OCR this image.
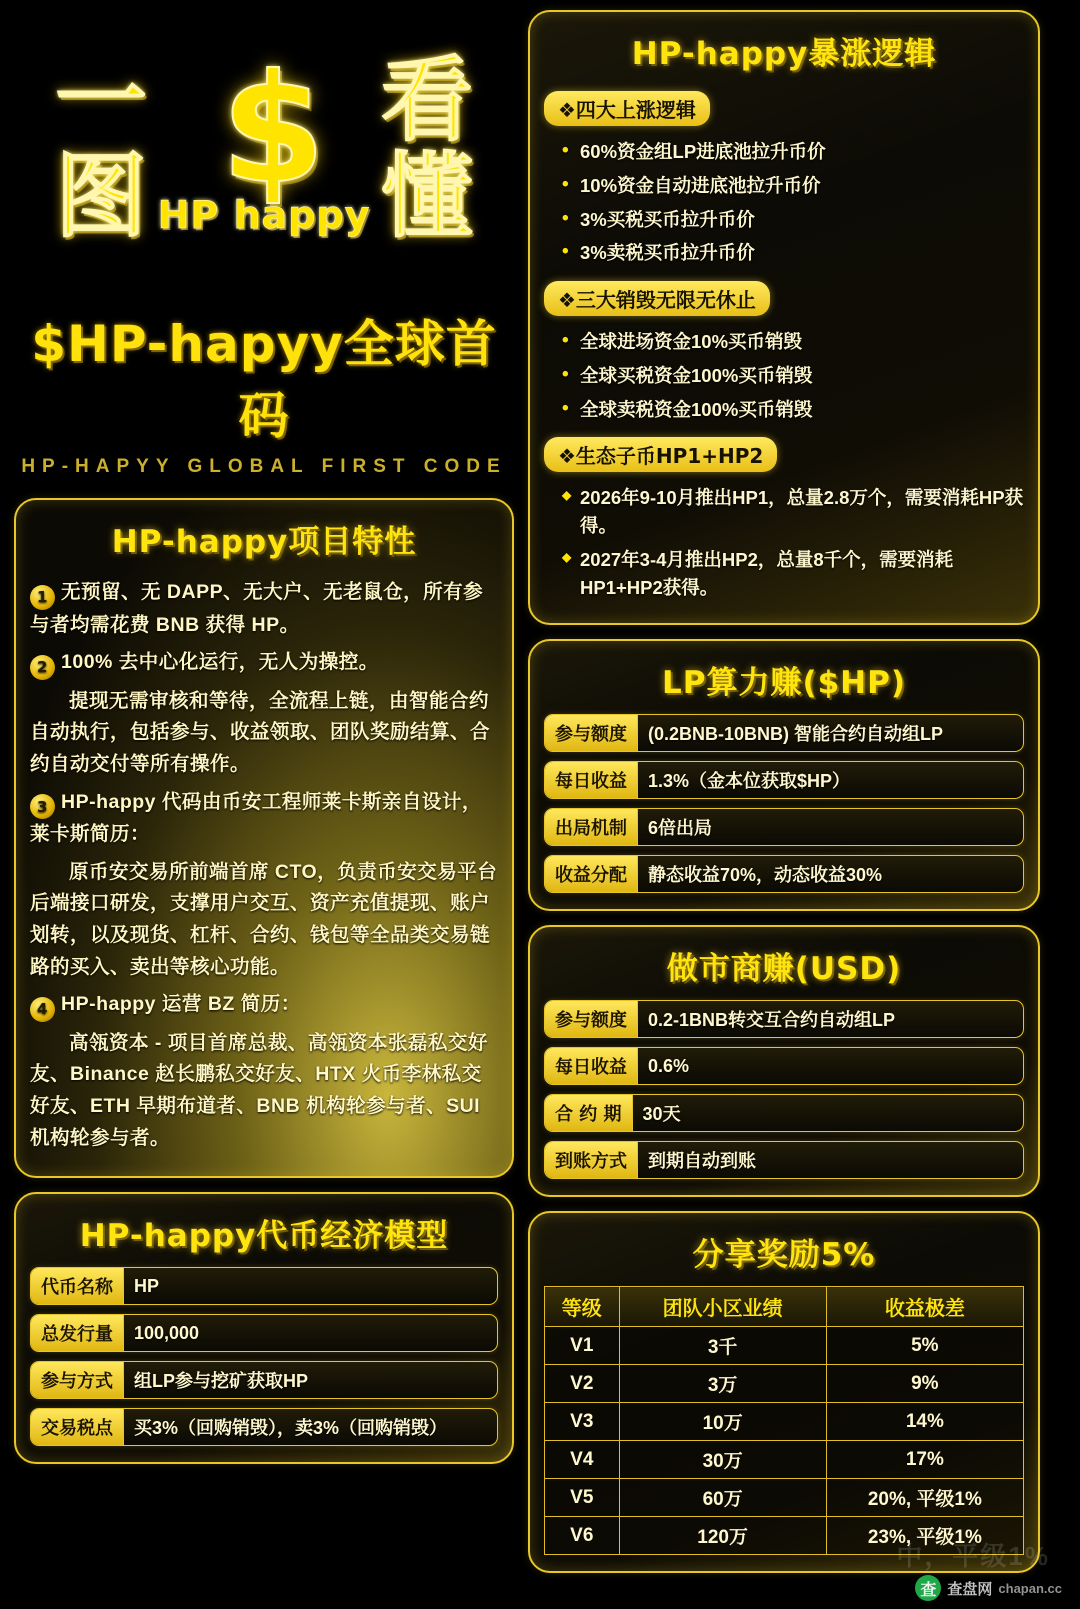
一
图 $
HP happy
看
懂
$HP-hapyy全球首码
HP-HAPYY GLOBAL FIRST CODE
HP-happy项目特性

1 无预留、无 DAPP、无大户、无老鼠仓，所有参与者均需花费 BNB 获得 HP。

2 100% 去中心化运行，无人为操控。

提现无需审核和等待，全流程上链，由智能合约自动执行，包括参与、收益领取、团队奖励结算、合约自动交付等所有操作。

3 HP-happy 代码由币安工程师莱卡斯亲自设计，莱卡斯简历：

原币安交易所前端首席 CTO，负责币安交易平台后端接口研发，支撑用户交互、资产充值提现、账户划转，以及现货、杠杆、合约、钱包等全品类交易链路的买入、卖出等核心功能。

4 HP-happy 运营 BZ 简历：

高瓴资本 - 项目首席总裁、高瓴资本张磊私交好友、Binance 赵长鹏私交好友、HTX 火币李林私交好友、ETH 早期布道者、BNB 机构轮参与者、SUI 机构轮参与者。

HP-happy代币经济模型
代币名称	HP
总发行量	100,000
参与方式	组LP参与挖矿获取HP
交易税点	买3%（回购销毁），卖3%（回购销毁）
HP-happy暴涨逻辑
❖四大上涨逻辑
• 60%资金组LP进底池拉升币价
• 10%资金自动进底池拉升币价
• 3%买税买币拉升币价
• 3%卖税买币拉升币价
❖三大销毁无限无休止
• 全球进场资金10%买币销毁
• 全球买税资金100%买币销毁
• 全球卖税资金100%买币销毁
❖生态子币HP1+HP2
◆ 2026年9-10月推出HP1，总量2.8万个，需要消耗HP获得。
◆ 2027年3-4月推出HP2，总量8千个，需要消耗HP1+HP2获得。
LP算力赚($HP)
参与额度	(0.2BNB-10BNB) 智能合约自动组LP
每日收益	1.3%（金本位获取$HP）
出局机制	6倍出局
收益分配	静态收益70%，动态收益30%
做市商赚(USD)
参与额度	0.2-1BNB转交互合约自动组LP
每日收益	0.6%
合 约 期	30天
到账方式	到期自动到账
分享奖励5%
等级	团队小区业绩	收益极差
V1	3千	5%
V2	3万	9%
V3	10万	14%
V4	30万	17%
V5	60万	20%, 平级1%
V6	120万	23%, 平级1%
中，平级1%
查 查盘网 chapan.cc
